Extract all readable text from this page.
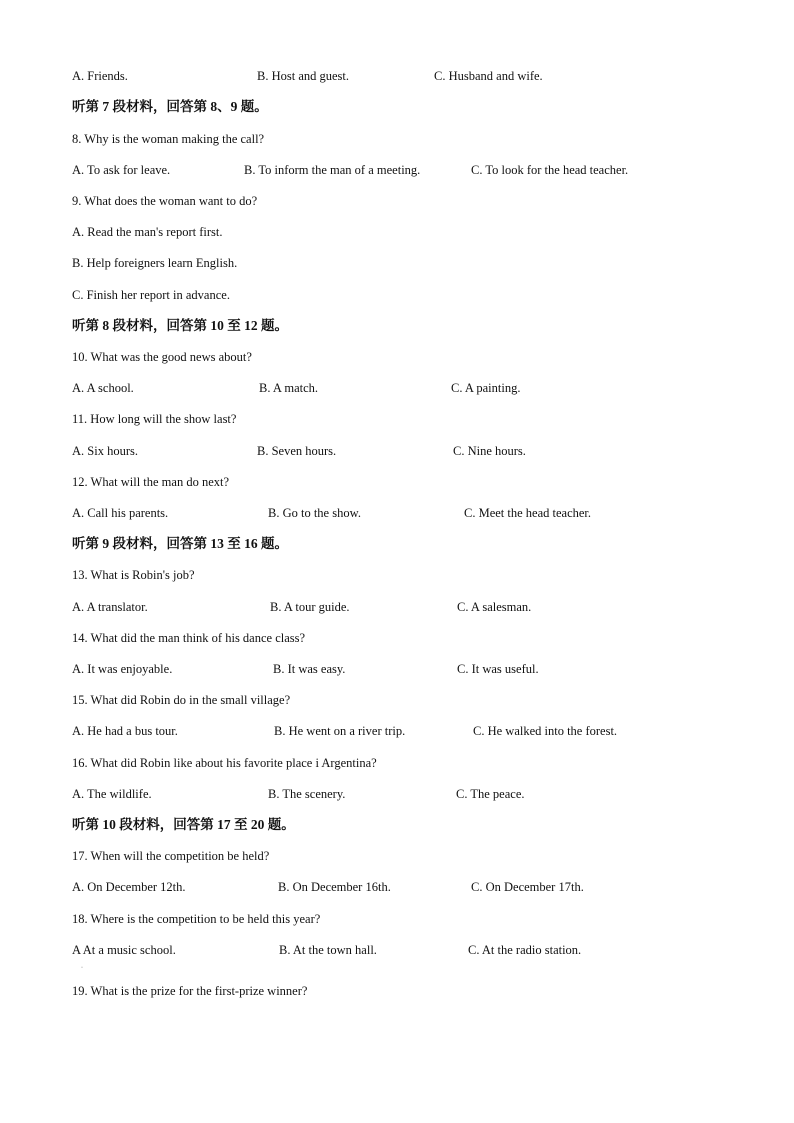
A. Friends.	B. Host and guest.	C. Husband and wife.
听第 7 段材料，回答第 8、9 题。
8. Why is the woman making the call?
A. To ask for leave.	B. To inform the man of a meeting.	C. To look for the head teacher.
9. What does the woman want to do?
A. Read the man's report first.
B. Help foreigners learn English.
C. Finish her report in advance.
听第 8 段材料，回答第 10 至 12 题。
10. What was the good news about?
A. A school.	B. A match.	C. A painting.
11. How long will the show last?
A. Six hours.	B. Seven hours.	C. Nine hours.
12. What will the man do next?
A. Call his parents.	B. Go to the show.	C. Meet the head teacher.
听第 9 段材料，回答第 13 至 16 题。
13. What is Robin's job?
A. A translator.	B. A tour guide.	C. A salesman.
14. What did the man think of his dance class?
A. It was enjoyable.	B. It was easy.	C. It was useful.
15. What did Robin do in the small village?
A. He had a bus tour.	B. He went on a river trip.	C. He walked into the forest.
16. What did Robin like about his favorite place i Argentina?
A. The wildlife.	B. The scenery.	C. The peace.
听第 10 段材料，回答第 17 至 20 题。
17. When will the competition be held?
A. On December 12th.	B. On December 16th.	C. On December 17th.
18. Where is the competition to be held this year?
A At a music school.	B. At the town hall.	C. At the radio station.
·
19. What is the prize for the first-prize winner?
